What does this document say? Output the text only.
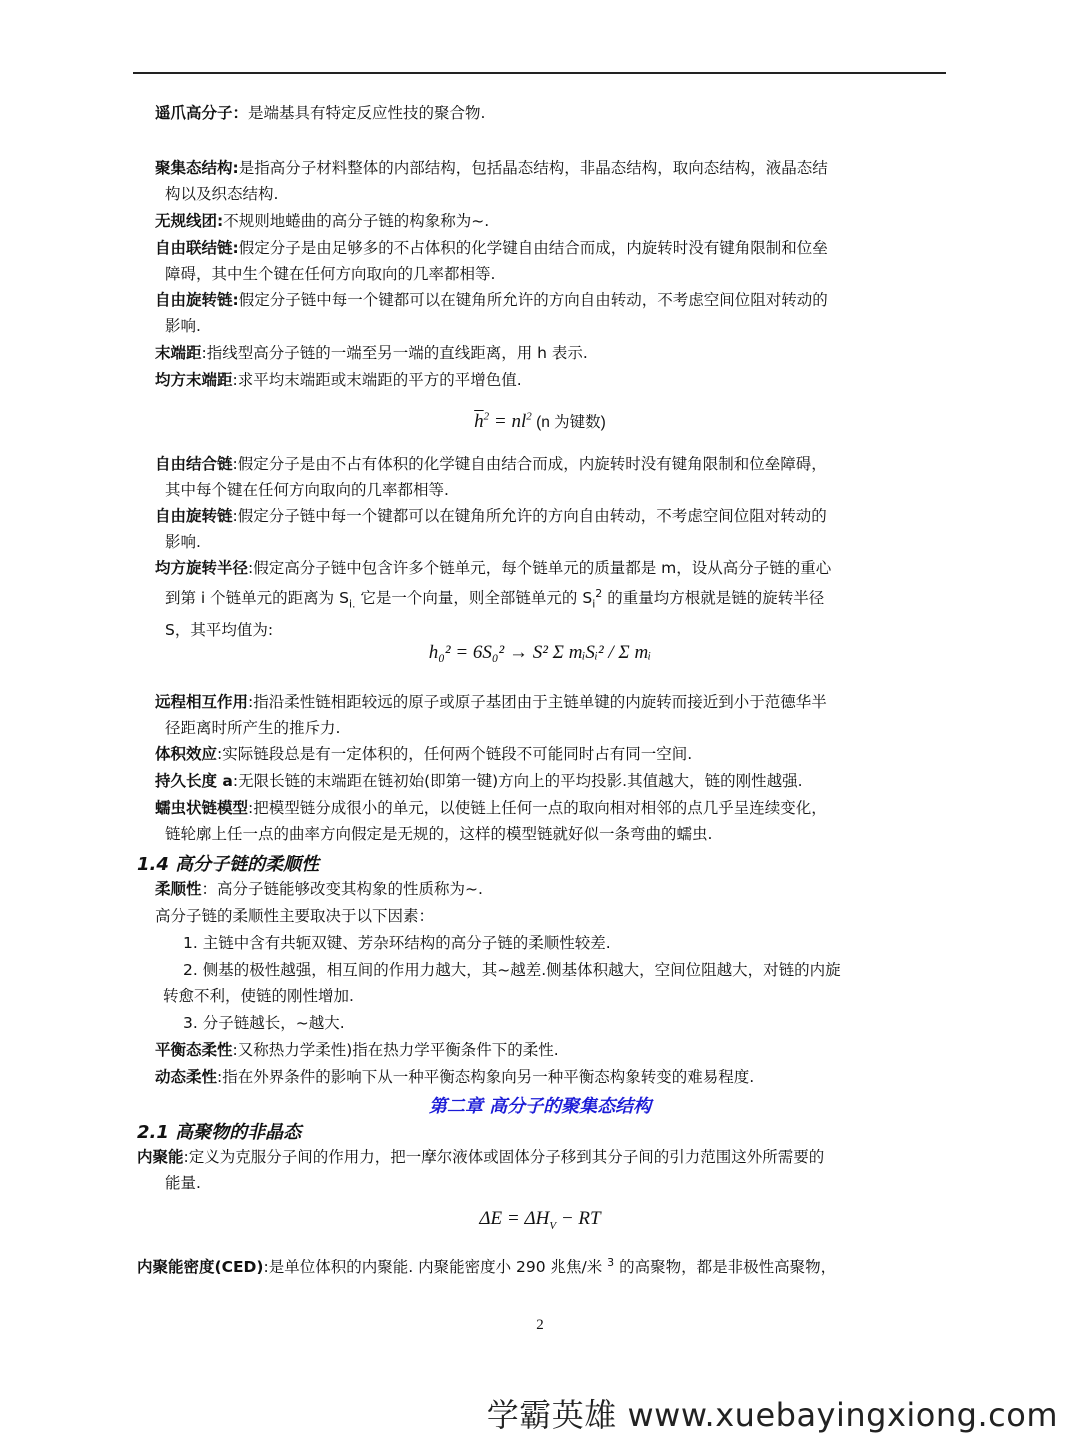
遥爪高分子：是端基具有特定反应性技的聚合物.
聚集态结构:是指高分子材料整体的内部结构，包括晶态结构，非晶态结构，取向态结构，液晶态结
构以及织态结构.
无规线团:不规则地蜷曲的高分子链的构象称为~.
自由联结链:假定分子是由足够多的不占体积的化学键自由结合而成，内旋转时没有键角限制和位垒
障碍，其中生个键在任何方向取向的几率都相等.
自由旋转链:假定分子链中每一个键都可以在键角所允许的方向自由转动，不考虑空间位阻对转动的
影响.
末端距:指线型高分子链的一端至另一端的直线距离，用 h 表示.
均方末端距:求平均末端距或末端距的平方的平增色值.
$\overline{h}^2 = nl^2$ (n 为键数)
自由结合链:假定分子是由不占有体积的化学键自由结合而成，内旋转时没有键角限制和位垒障碍，
其中每个键在任何方向取向的几率都相等.
自由旋转链:假定分子链中每一个键都可以在键角所允许的方向自由转动，不考虑空间位阻对转动的
影响.
均方旋转半径:假定高分子链中包含许多个链单元，每个链单元的质量都是 m，设从高分子链的重心
到第 i 个链单元的距离为 $S_{i.}$ 它是一个向量，则全部链单元的 $S_i^2$ 的重量均方根就是链的旋转半径
S，其平均值为:
h₀² = 6S₀² → S² Σ mᵢSᵢ² / Σ mᵢ
远程相互作用:指沿柔性链相距较远的原子或原子基团由于主链单键的内旋转而接近到小于范德华半
径距离时所产生的推斥力.
体积效应:实际链段总是有一定体积的，任何两个链段不可能同时占有同一空间.
持久长度 a:无限长链的末端距在链初始(即第一键)方向上的平均投影.其值越大，链的刚性越强.
蠕虫状链模型:把模型链分成很小的单元，以使链上任何一点的取向相对相邻的点几乎呈连续变化，
链轮廓上任一点的曲率方向假定是无规的，这样的模型链就好似一条弯曲的蠕虫.
1.4 高分子链的柔顺性
柔顺性：高分子链能够改变其构象的性质称为~.
高分子链的柔顺性主要取决于以下因素：
1. 主链中含有共轭双键、芳杂环结构的高分子链的柔顺性较差.
2. 侧基的极性越强，相互间的作用力越大，其~越差.侧基体积越大，空间位阻越大，对链的内旋
转愈不利，使链的刚性增加.
3. 分子链越长，~越大.
平衡态柔性:又称热力学柔性)指在热力学平衡条件下的柔性.
动态柔性:指在外界条件的影响下从一种平衡态构象向另一种平衡态构象转变的难易程度.
第二章 高分子的聚集态结构
2.1 高聚物的非晶态
内聚能:定义为克服分子间的作用力，把一摩尔液体或固体分子移到其分子间的引力范围这外所需要的
能量.
$\Delta E = \Delta H_V$ − RT
内聚能密度(CED):是单位体积的内聚能. 内聚能密度小 290 兆焦/米 $^3$ 的高聚物，都是非极性高聚物，
2
学霸英雄 www.xuebayingxiong.com
